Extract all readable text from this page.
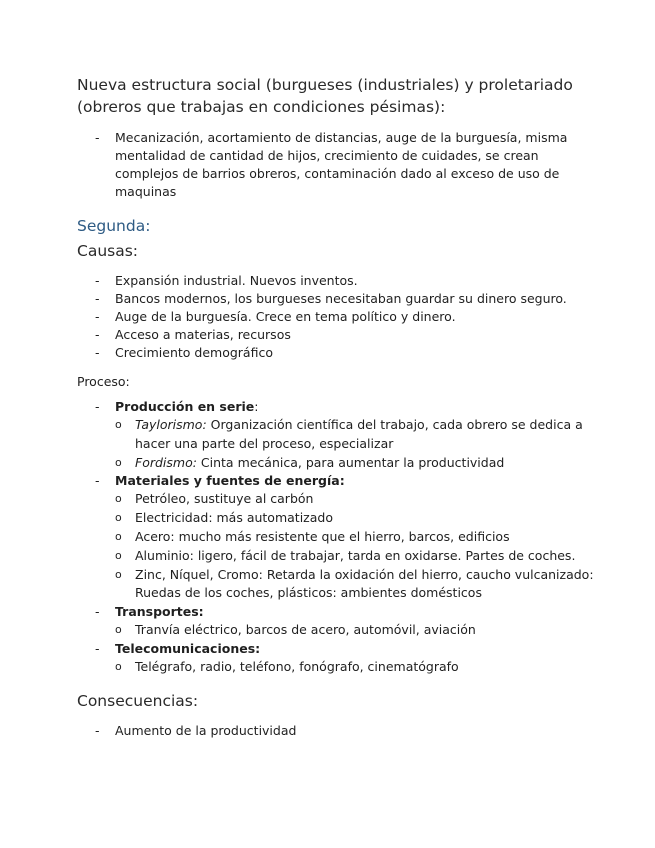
Nueva estructura social (burgueses (industriales) y proletariado (obreros que trabajas en condiciones pésimas):
- Mecanización, acortamiento de distancias, auge de la burguesía, misma mentalidad de cantidad de hijos, crecimiento de cuidades, se crean complejos de barrios obreros, contaminación dado al exceso de uso de maquinas
Segunda:
Causas:
- Expansión industrial. Nuevos inventos.
- Bancos modernos, los burgueses necesitaban guardar su dinero seguro.
- Auge de la burguesía. Crece en tema político y dinero.
- Acceso a materias, recursos
- Crecimiento demográfico
Proceso:
- Producción en serie:
o Taylorismo: Organización científica del trabajo, cada obrero se dedica a hacer una parte del proceso, especializar
o Fordismo: Cinta mecánica, para aumentar la productividad
- Materiales y fuentes de energía:
o Petróleo, sustituye al carbón
o Electricidad: más automatizado
o Acero: mucho más resistente que el hierro, barcos, edificios
o Aluminio: ligero, fácil de trabajar, tarda en oxidarse. Partes de coches.
o Zinc, Níquel, Cromo: Retarda la oxidación del hierro, caucho vulcanizado: Ruedas de los coches, plásticos: ambientes domésticos
- Transportes:
o Tranvía eléctrico, barcos de acero, automóvil, aviación
- Telecomunicaciones:
o Telégrafo, radio, teléfono, fonógrafo, cinematógrafo
Consecuencias:
- Aumento de la productividad
